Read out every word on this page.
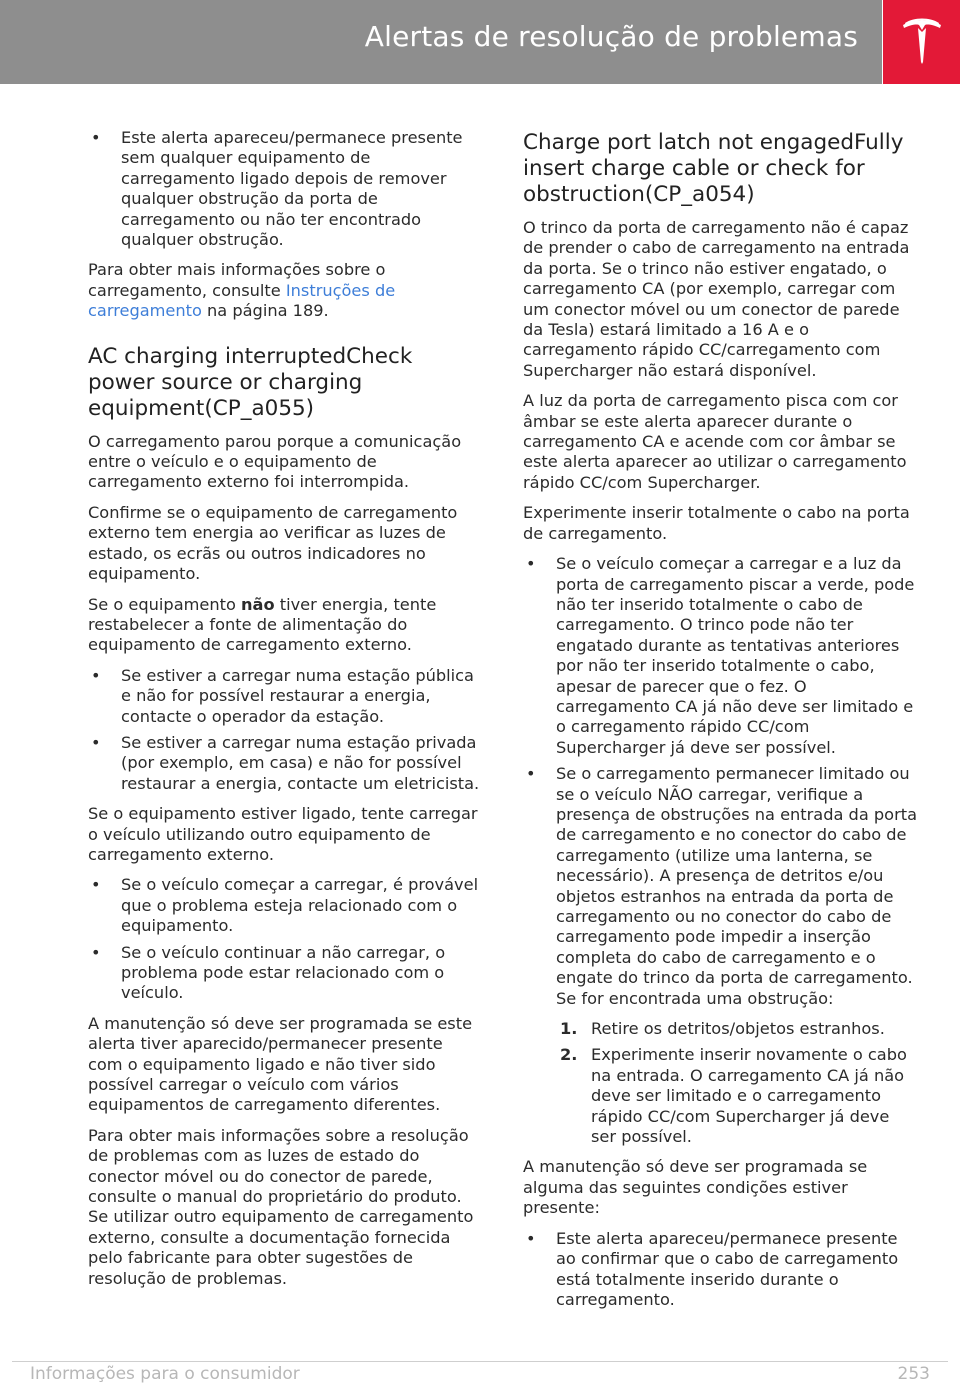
Alertas de resolução de problemas
• Este alerta apareceu/permanece presente sem qualquer equipamento de carregamento ligado depois de remover qualquer obstrução da porta de carregamento ou não ter encontrado qualquer obstrução.

Para obter mais informações sobre o carregamento, consulte Instruções de carregamento na página 189.

AC charging interruptedCheck power source or charging equipment(CP_a055)

O carregamento parou porque a comunicação entre o veículo e o equipamento de carregamento externo foi interrompida.

Confirme se o equipamento de carregamento externo tem energia ao verificar as luzes de estado, os ecrãs ou outros indicadores no equipamento.

Se o equipamento não tiver energia, tente restabelecer a fonte de alimentação do equipamento de carregamento externo.

• Se estiver a carregar numa estação pública e não for possível restaurar a energia, contacte o operador da estação.
• Se estiver a carregar numa estação privada (por exemplo, em casa) e não for possível restaurar a energia, contacte um eletricista.

Se o equipamento estiver ligado, tente carregar o veículo utilizando outro equipamento de carregamento externo.

• Se o veículo começar a carregar, é provável que o problema esteja relacionado com o equipamento.
• Se o veículo continuar a não carregar, o problema pode estar relacionado com o veículo.

A manutenção só deve ser programada se este alerta tiver aparecido/permanecer presente com o equipamento ligado e não tiver sido possível carregar o veículo com vários equipamentos de carregamento diferentes.

Para obter mais informações sobre a resolução de problemas com as luzes de estado do conector móvel ou do conector de parede, consulte o manual do proprietário do produto. Se utilizar outro equipamento de carregamento externo, consulte a documentação fornecida pelo fabricante para obter sugestões de resolução de problemas.

Charge port latch not engagedFully insert charge cable or check for obstruction(CP_a054)

O trinco da porta de carregamento não é capaz de prender o cabo de carregamento na entrada da porta. Se o trinco não estiver engatado, o carregamento CA (por exemplo, carregar com um conector móvel ou um conector de parede da Tesla) estará limitado a 16 A e o carregamento rápido CC/carregamento com Supercharger não estará disponível.

A luz da porta de carregamento pisca com cor âmbar se este alerta aparecer durante o carregamento CA e acende com cor âmbar se este alerta aparecer ao utilizar o carregamento rápido CC/com Supercharger.

Experimente inserir totalmente o cabo na porta de carregamento.

• Se o veículo começar a carregar e a luz da porta de carregamento piscar a verde, pode não ter inserido totalmente o cabo de carregamento. O trinco pode não ter engatado durante as tentativas anteriores por não ter inserido totalmente o cabo, apesar de parecer que o fez. O carregamento CA já não deve ser limitado e o carregamento rápido CC/com Supercharger já deve ser possível.
• Se o carregamento permanecer limitado ou se o veículo NÃO carregar, verifique a presença de obstruções na entrada da porta de carregamento e no conector do cabo de carregamento (utilize uma lanterna, se necessário). A presença de detritos e/ou objetos estranhos na entrada da porta de carregamento ou no conector do cabo de carregamento pode impedir a inserção completa do cabo de carregamento e o engate do trinco da porta de carregamento. Se for encontrada uma obstrução:
1. Retire os detritos/objetos estranhos.
2. Experimente inserir novamente o cabo na entrada. O carregamento CA já não deve ser limitado e o carregamento rápido CC/com Supercharger já deve ser possível.

A manutenção só deve ser programada se alguma das seguintes condições estiver presente:

• Este alerta apareceu/permanece presente ao confirmar que o cabo de carregamento está totalmente inserido durante o carregamento.
Informações para o consumidor	253
